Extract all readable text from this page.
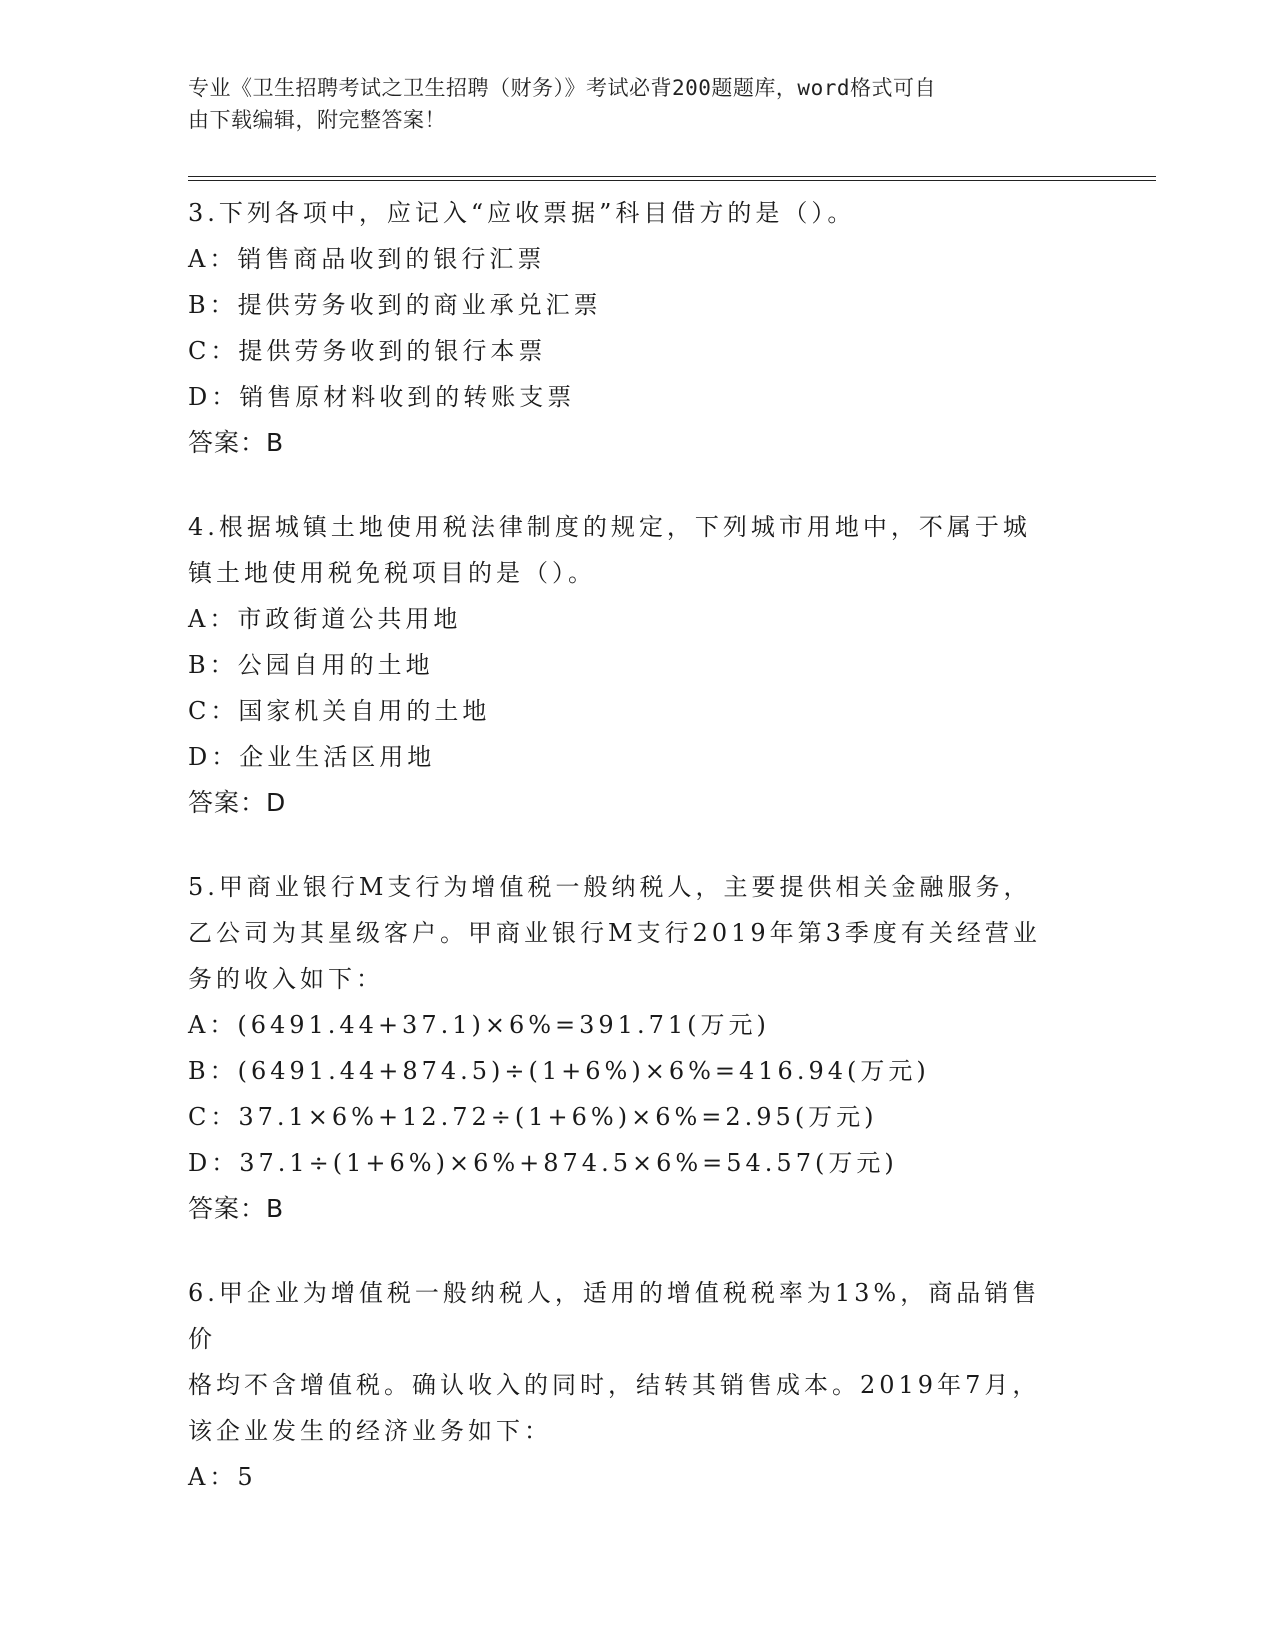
专业《卫生招聘考试之卫生招聘（财务）》考试必背200题题库，word格式可自
由下载编辑，附完整答案！
3.下列各项中，应记入“应收票据”科目借方的是（）。
A：销售商品收到的银行汇票
B：提供劳务收到的商业承兑汇票
C：提供劳务收到的银行本票
D：销售原材料收到的转账支票
答案：B
4.根据城镇土地使用税法律制度的规定，下列城市用地中，不属于城
镇土地使用税免税项目的是（）。
A：市政街道公共用地
B：公园自用的土地
C：国家机关自用的土地
D：企业生活区用地
答案：D
5.甲商业银行M支行为增值税一般纳税人，主要提供相关金融服务，
乙公司为其星级客户。甲商业银行M支行2019年第3季度有关经营业
务的收入如下：
A：(6491.44+37.1)×6%=391.71(万元)
B：(6491.44+874.5)÷(1+6%)×6%=416.94(万元)
C：37.1×6%+12.72÷(1+6%)×6%=2.95(万元)
D：37.1÷(1+6%)×6%+874.5×6%=54.57(万元)
答案：B
6.甲企业为增值税一般纳税人，适用的增值税税率为13%，商品销售价
格均不含增值税。确认收入的同时，结转其销售成本。2019年7月，
该企业发生的经济业务如下：
A：5
